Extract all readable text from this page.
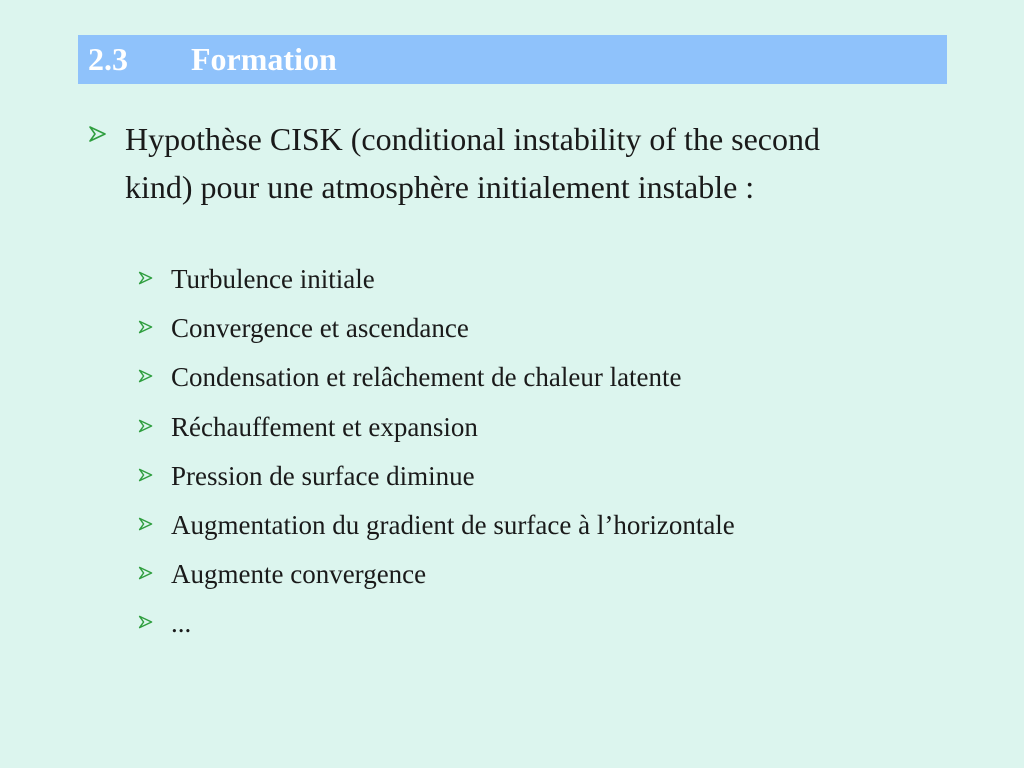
2.3 Formation
Hypothèse CISK (conditional instability of the second kind) pour une atmosphère initialement instable :
Turbulence initiale
Convergence et ascendance
Condensation et relâchement de chaleur latente
Réchauffement et expansion
Pression de surface diminue
Augmentation du gradient de surface à l’horizontale
Augmente convergence
...
